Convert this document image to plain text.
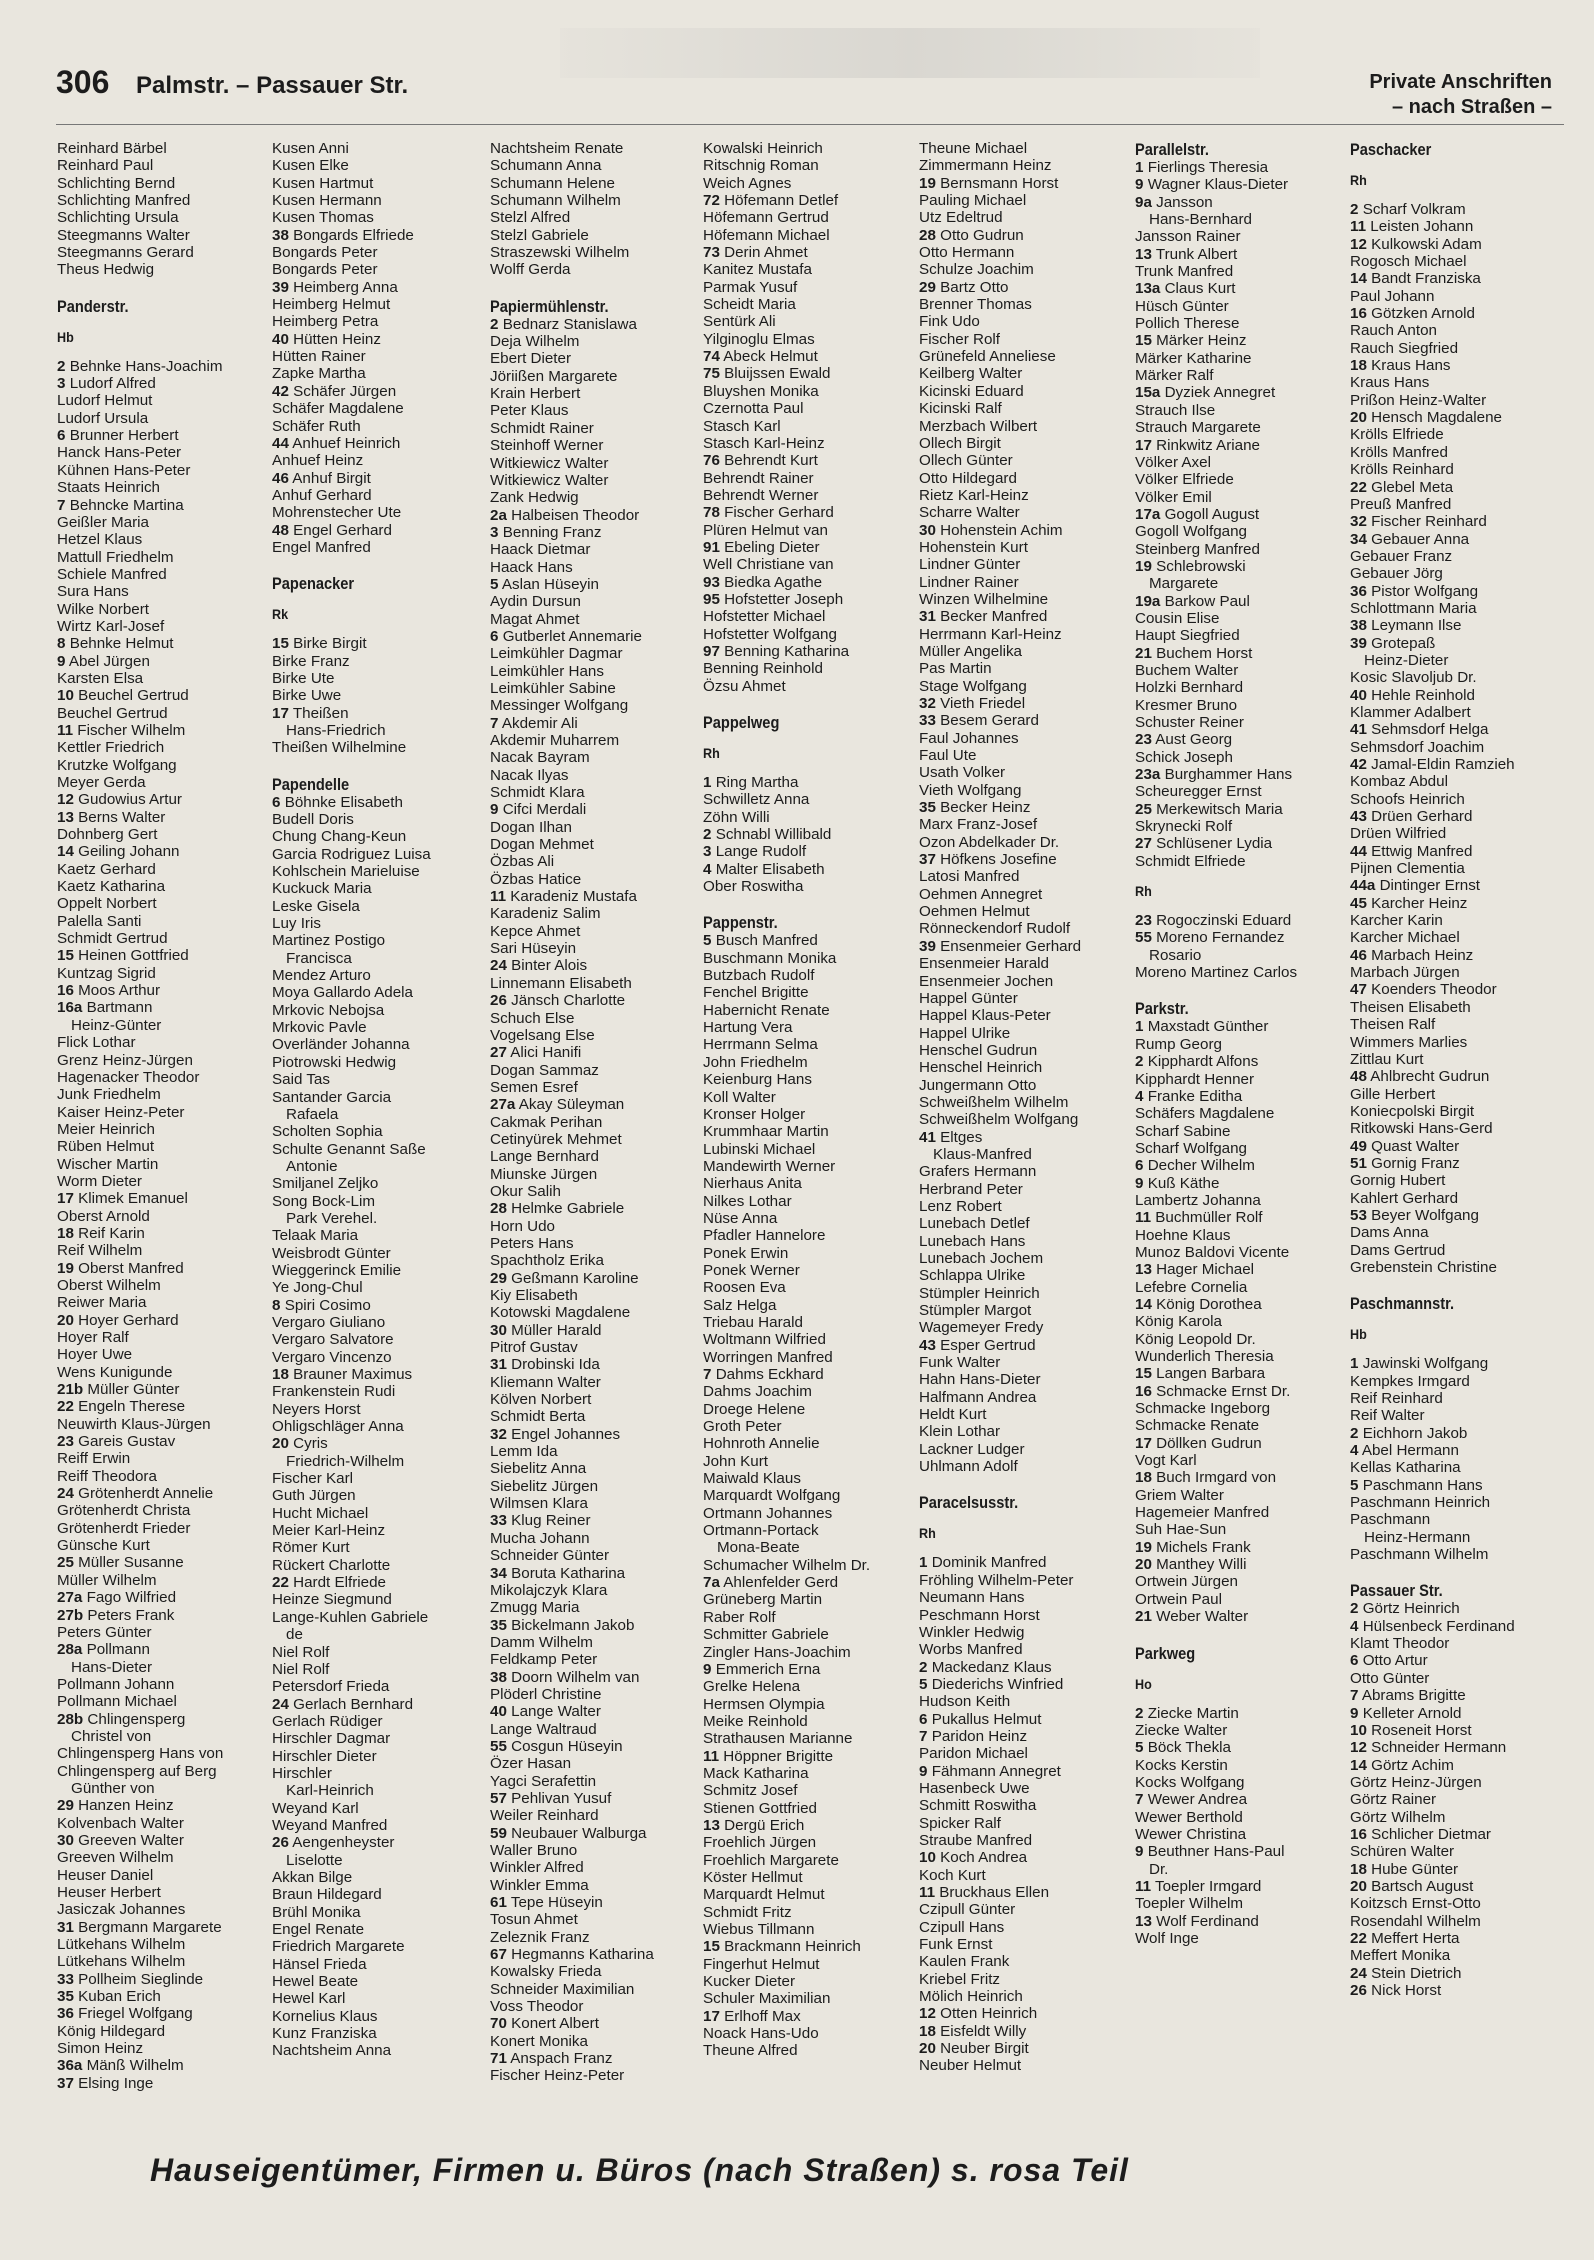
306 Palmstr. – Passauer Str.	Private Anschriften
– nach Straßen –
Reinhard Bärbel
Reinhard Paul
Schlichting Bernd
Schlichting Manfred
Schlichting Ursula
Steegmanns Walter
Steegmanns Gerard
Theus Hedwig
Panderstr.
Hb
2 Behnke Hans-Joachim
3 Ludorf Alfred
Ludorf Helmut
Ludorf Ursula
6 Brunner Herbert
Hanck Hans-Peter
Kühnen Hans-Peter
Staats Heinrich
7 Behncke Martina
Geißler Maria
Hetzel Klaus
Mattull Friedhelm
Schiele Manfred
Sura Hans
Wilke Norbert
Wirtz Karl-Josef
8 Behnke Helmut
9 Abel Jürgen
Karsten Elsa
10 Beuchel Gertrud
Beuchel Gertrud
11 Fischer Wilhelm
Kettler Friedrich
Krutzke Wolfgang
Meyer Gerda
12 Gudowius Artur
13 Berns Walter
Dohnberg Gert
14 Geiling Johann
Kaetz Gerhard
Kaetz Katharina
Oppelt Norbert
Palella Santi
Schmidt Gertrud
15 Heinen Gottfried
Kuntzag Sigrid
16 Moos Arthur
16a Bartmann
Heinz-Günter
Flick Lothar
Grenz Heinz-Jürgen
Hagenacker Theodor
Junk Friedhelm
Kaiser Heinz-Peter
Meier Heinrich
Rüben Helmut
Wischer Martin
Worm Dieter
17 Klimek Emanuel
Oberst Arnold
18 Reif Karin
Reif Wilhelm
19 Oberst Manfred
Oberst Wilhelm
Reiwer Maria
20 Hoyer Gerhard
Hoyer Ralf
Hoyer Uwe
Wens Kunigunde
21b Müller Günter
22 Engeln Therese
Neuwirth Klaus-Jürgen
23 Gareis Gustav
Reiff Erwin
Reiff Theodora
24 Grötenherdt Annelie
Grötenherdt Christa
Grötenherdt Frieder
Günsche Kurt
25 Müller Susanne
Müller Wilhelm
27a Fago Wilfried
27b Peters Frank
Peters Günter
28a Pollmann
Hans-Dieter
Pollmann Johann
Pollmann Michael
28b Chlingensperg
Christel von
Chlingensperg Hans von
Chlingensperg auf Berg
Günther von
29 Hanzen Heinz
Kolvenbach Walter
30 Greeven Walter
Greeven Wilhelm
Heuser Daniel
Heuser Herbert
Jasiczak Johannes
31 Bergmann Margarete
Lütkehans Wilhelm
Lütkehans Wilhelm
33 Pollheim Sieglinde
35 Kuban Erich
36 Friegel Wolfgang
König Hildegard
Simon Heinz
36a Mänß Wilhelm
37 Elsing Inge
Kusen Anni
Kusen Elke
Kusen Hartmut
Kusen Hermann
Kusen Thomas
38 Bongards Elfriede
Bongards Peter
Bongards Peter
39 Heimberg Anna
Heimberg Helmut
Heimberg Petra
40 Hütten Heinz
Hütten Rainer
Zapke Martha
42 Schäfer Jürgen
Schäfer Magdalene
Schäfer Ruth
44 Anhuef Heinrich
Anhuef Heinz
46 Anhuf Birgit
Anhuf Gerhard
Mohrenstecher Ute
48 Engel Gerhard
Engel Manfred
Papenacker
Rk
15 Birke Birgit
Birke Franz
Birke Ute
Birke Uwe
17 Theißen
Hans-Friedrich
Theißen Wilhelmine
Papendelle
6 Böhnke Elisabeth
Budell Doris
Chung Chang-Keun
Garcia Rodriguez Luisa
Kohlschein Marieluise
Kuckuck Maria
Leske Gisela
Luy Iris
Martinez Postigo
Francisca
Mendez Arturo
Moya Gallardo Adela
Mrkovic Nebojsa
Mrkovic Pavle
Overländer Johanna
Piotrowski Hedwig
Said Tas
Santander Garcia
Rafaela
Scholten Sophia
Schulte Genannt Saße
Antonie
Smiljanel Zeljko
Song Bock-Lim
Park Verehel.
Telaak Maria
Weisbrodt Günter
Wieggerinck Emilie
Ye Jong-Chul
8 Spiri Cosimo
Vergaro Giuliano
Vergaro Salvatore
Vergaro Vincenzo
18 Brauner Maximus
Frankenstein Rudi
Neyers Horst
Ohligschläger Anna
20 Cyris
Friedrich-Wilhelm
Fischer Karl
Guth Jürgen
Hucht Michael
Meier Karl-Heinz
Römer Kurt
Rückert Charlotte
22 Hardt Elfriede
Heinze Siegmund
Lange-Kuhlen Gabriele
de
Niel Rolf
Niel Rolf
Petersdorf Frieda
24 Gerlach Bernhard
Gerlach Rüdiger
Hirschler Dagmar
Hirschler Dieter
Hirschler
Karl-Heinrich
Weyand Karl
Weyand Manfred
26 Aengenheyster
Liselotte
Akkan Bilge
Braun Hildegard
Brühl Monika
Engel Renate
Friedrich Margarete
Hänsel Frieda
Hewel Beate
Hewel Karl
Kornelius Klaus
Kunz Franziska
Nachtsheim Anna
Nachtsheim Renate
Schumann Anna
Schumann Helene
Schumann Wilhelm
Stelzl Alfred
Stelzl Gabriele
Straszewski Wilhelm
Wolff Gerda
Papiermühlenstr.
2 Bednarz Stanislawa
Deja Wilhelm
Ebert Dieter
Jöriißen Margarete
Krain Herbert
Peter Klaus
Schmidt Rainer
Steinhoff Werner
Witkiewicz Walter
Witkiewicz Walter
Zank Hedwig
2a Halbeisen Theodor
3 Benning Franz
Haack Dietmar
Haack Hans
5 Aslan Hüseyin
Aydin Dursun
Magat Ahmet
6 Gutberlet Annemarie
Leimkühler Dagmar
Leimkühler Hans
Leimkühler Sabine
Messinger Wolfgang
7 Akdemir Ali
Akdemir Muharrem
Nacak Bayram
Nacak Ilyas
Schmidt Klara
9 Cifci Merdali
Dogan Ilhan
Dogan Mehmet
Özbas Ali
Özbas Hatice
11 Karadeniz Mustafa
Karadeniz Salim
Kepce Ahmet
Sari Hüseyin
24 Binter Alois
Linnemann Elisabeth
26 Jänsch Charlotte
Schuch Else
Vogelsang Else
27 Alici Hanifi
Dogan Sammaz
Semen Esref
27a Akay Süleyman
Cakmak Perihan
Cetinyürek Mehmet
Lange Bernhard
Miunske Jürgen
Okur Salih
28 Helmke Gabriele
Horn Udo
Peters Hans
Spachtholz Erika
29 Geßmann Karoline
Kiy Elisabeth
Kotowski Magdalene
30 Müller Harald
Pitrof Gustav
31 Drobinski Ida
Kliemann Walter
Kölven Norbert
Schmidt Berta
32 Engel Johannes
Lemm Ida
Siebelitz Anna
Siebelitz Jürgen
Wilmsen Klara
33 Klug Reiner
Mucha Johann
Schneider Günter
34 Boruta Katharina
Mikolajczyk Klara
Zmugg Maria
35 Bickelmann Jakob
Damm Wilhelm
Feldkamp Peter
38 Doorn Wilhelm van
Plöderl Christine
40 Lange Walter
Lange Waltraud
55 Cosgun Hüseyin
Özer Hasan
Yagci Serafettin
57 Pehlivan Yusuf
Weiler Reinhard
59 Neubauer Walburga
Waller Bruno
Winkler Alfred
Winkler Emma
61 Tepe Hüseyin
Tosun Ahmet
Zeleznik Franz
67 Hegmanns Katharina
Kowalsky Frieda
Schneider Maximilian
Voss Theodor
70 Konert Albert
Konert Monika
71 Anspach Franz
Fischer Heinz-Peter
Kowalski Heinrich
Ritschnig Roman
Weich Agnes
72 Höfemann Detlef
Höfemann Gertrud
Höfemann Michael
73 Derin Ahmet
Kanitez Mustafa
Parmak Yusuf
Scheidt Maria
Sentürk Ali
Yilginoglu Elmas
74 Abeck Helmut
75 Bluijssen Ewald
Bluyshen Monika
Czernotta Paul
Stasch Karl
Stasch Karl-Heinz
76 Behrendt Kurt
Behrendt Rainer
Behrendt Werner
78 Fischer Gerhard
Plüren Helmut van
91 Ebeling Dieter
Well Christiane van
93 Biedka Agathe
95 Hofstetter Joseph
Hofstetter Michael
Hofstetter Wolfgang
97 Benning Katharina
Benning Reinhold
Özsu Ahmet
Pappelweg
Rh
1 Ring Martha
Schwilletz Anna
Zöhn Willi
2 Schnabl Willibald
3 Lange Rudolf
4 Malter Elisabeth
Ober Roswitha
Pappenstr.
5 Busch Manfred
Buschmann Monika
Butzbach Rudolf
Fenchel Brigitte
Habernicht Renate
Hartung Vera
Herrmann Selma
John Friedhelm
Keienburg Hans
Koll Walter
Kronser Holger
Krummhaar Martin
Lubinski Michael
Mandewirth Werner
Nierhaus Anita
Nilkes Lothar
Nüse Anna
Pfadler Hannelore
Ponek Erwin
Ponek Werner
Roosen Eva
Salz Helga
Triebau Harald
Woltmann Wilfried
Worringen Manfred
7 Dahms Eckhard
Dahms Joachim
Droege Helene
Groth Peter
Hohnroth Annelie
John Kurt
Maiwald Klaus
Marquardt Wolfgang
Ortmann Johannes
Ortmann-Portack
Mona-Beate
Schumacher Wilhelm Dr.
7a Ahlenfelder Gerd
Grüneberg Martin
Raber Rolf
Schmitter Gabriele
Zingler Hans-Joachim
9 Emmerich Erna
Grelke Helena
Hermsen Olympia
Meike Reinhold
Strathausen Marianne
11 Höppner Brigitte
Mack Katharina
Schmitz Josef
Stienen Gottfried
13 Dergü Erich
Froehlich Jürgen
Froehlich Margarete
Köster Hellmut
Marquardt Helmut
Schmidt Fritz
Wiebus Tillmann
15 Brackmann Heinrich
Fingerhut Helmut
Kucker Dieter
Schuler Maximilian
17 Erlhoff Max
Noack Hans-Udo
Theune Alfred
Theune Michael
Zimmermann Heinz
19 Bernsmann Horst
Pauling Michael
Utz Edeltrud
28 Otto Gudrun
Otto Hermann
Schulze Joachim
29 Bartz Otto
Brenner Thomas
Fink Udo
Fischer Rolf
Grünefeld Anneliese
Keilberg Walter
Kicinski Eduard
Kicinski Ralf
Merzbach Wilbert
Ollech Birgit
Ollech Günter
Otto Hildegard
Rietz Karl-Heinz
Scharre Walter
30 Hohenstein Achim
Hohenstein Kurt
Lindner Günter
Lindner Rainer
Winzen Wilhelmine
31 Becker Manfred
Herrmann Karl-Heinz
Müller Angelika
Pas Martin
Stage Wolfgang
32 Vieth Friedel
33 Besem Gerard
Faul Johannes
Faul Ute
Usath Volker
Vieth Wolfgang
35 Becker Heinz
Marx Franz-Josef
Ozon Abdelkader Dr.
37 Höfkens Josefine
Latosi Manfred
Oehmen Annegret
Oehmen Helmut
Rönneckendorf Rudolf
39 Ensenmeier Gerhard
Ensenmeier Harald
Ensenmeier Jochen
Happel Günter
Happel Klaus-Peter
Happel Ulrike
Henschel Gudrun
Henschel Heinrich
Jungermann Otto
Schweißhelm Wilhelm
Schweißhelm Wolfgang
41 Eltges
Klaus-Manfred
Grafers Hermann
Herbrand Peter
Lenz Robert
Lunebach Detlef
Lunebach Hans
Lunebach Jochem
Schlappa Ulrike
Stümpler Heinrich
Stümpler Margot
Wagemeyer Fredy
43 Esper Gertrud
Funk Walter
Hahn Hans-Dieter
Halfmann Andrea
Heldt Kurt
Klein Lothar
Lackner Ludger
Uhlmann Adolf
Paracelsusstr.
Rh
1 Dominik Manfred
Fröhling Wilhelm-Peter
Neumann Hans
Peschmann Horst
Winkler Hedwig
Worbs Manfred
2 Mackedanz Klaus
5 Diederichs Winfried
Hudson Keith
6 Pukallus Helmut
7 Paridon Heinz
Paridon Michael
9 Fähmann Annegret
Hasenbeck Uwe
Schmitt Roswitha
Spicker Ralf
Straube Manfred
10 Koch Andrea
Koch Kurt
11 Bruckhaus Ellen
Czipull Günter
Czipull Hans
Funk Ernst
Kaulen Frank
Kriebel Fritz
Mölich Heinrich
12 Otten Heinrich
18 Eisfeldt Willy
20 Neuber Birgit
Neuber Helmut
Parallelstr.
1 Fierlings Theresia
9 Wagner Klaus-Dieter
9a Jansson
Hans-Bernhard
Jansson Rainer
13 Trunk Albert
Trunk Manfred
13a Claus Kurt
Hüsch Günter
Pollich Therese
15 Märker Heinz
Märker Katharine
Märker Ralf
15a Dyziek Annegret
Strauch Ilse
Strauch Margarete
17 Rinkwitz Ariane
Völker Axel
Völker Elfriede
Völker Emil
17a Gogoll August
Gogoll Wolfgang
Steinberg Manfred
19 Schlebrowski
Margarete
19a Barkow Paul
Cousin Elise
Haupt Siegfried
21 Buchem Horst
Buchem Walter
Holzki Bernhard
Kresmer Bruno
Schuster Reiner
23 Aust Georg
Schick Joseph
23a Burghammer Hans
Scheuregger Ernst
25 Merkewitsch Maria
Skrynecki Rolf
27 Schlüsener Lydia
Schmidt Elfriede
Rh
23 Rogoczinski Eduard
55 Moreno Fernandez
Rosario
Moreno Martinez Carlos
Parkstr.
1 Maxstadt Günther
Rump Georg
2 Kipphardt Alfons
Kipphardt Henner
4 Franke Editha
Schäfers Magdalene
Scharf Sabine
Scharf Wolfgang
6 Decher Wilhelm
9 Kuß Käthe
Lambertz Johanna
11 Buchmüller Rolf
Hoehne Klaus
Munoz Baldovi Vicente
13 Hager Michael
Lefebre Cornelia
14 König Dorothea
König Karola
König Leopold Dr.
Wunderlich Theresia
15 Langen Barbara
16 Schmacke Ernst Dr.
Schmacke Ingeborg
Schmacke Renate
17 Döllken Gudrun
Vogt Karl
18 Buch Irmgard von
Griem Walter
Hagemeier Manfred
Suh Hae-Sun
19 Michels Frank
20 Manthey Willi
Ortwein Jürgen
Ortwein Paul
21 Weber Walter
Parkweg
Ho
2 Ziecke Martin
Ziecke Walter
5 Böck Thekla
Kocks Kerstin
Kocks Wolfgang
7 Wewer Andrea
Wewer Berthold
Wewer Christina
9 Beuthner Hans-Paul
Dr.
11 Toepler Irmgard
Toepler Wilhelm
13 Wolf Ferdinand
Wolf Inge
Paschacker
Rh
2 Scharf Volkram
11 Leisten Johann
12 Kulkowski Adam
Rogosch Michael
14 Bandt Franziska
Paul Johann
16 Götzken Arnold
Rauch Anton
Rauch Siegfried
18 Kraus Hans
Kraus Hans
Prißon Heinz-Walter
20 Hensch Magdalene
Krölls Elfriede
Krölls Manfred
Krölls Reinhard
22 Glebel Meta
Preuß Manfred
32 Fischer Reinhard
34 Gebauer Anna
Gebauer Franz
Gebauer Jörg
36 Pistor Wolfgang
Schlottmann Maria
38 Leymann Ilse
39 Grotepaß
Heinz-Dieter
Kosic Slavoljub Dr.
40 Hehle Reinhold
Klammer Adalbert
41 Sehmsdorf Helga
Sehmsdorf Joachim
42 Jamal-Eldin Ramzieh
Kombaz Abdul
Schoofs Heinrich
43 Drüen Gerhard
Drüen Wilfried
44 Ettwig Manfred
Pijnen Clementia
44a Dintinger Ernst
45 Karcher Heinz
Karcher Karin
Karcher Michael
46 Marbach Heinz
Marbach Jürgen
47 Koenders Theodor
Theisen Elisabeth
Theisen Ralf
Wimmers Marlies
Zittlau Kurt
48 Ahlbrecht Gudrun
Gille Herbert
Koniecpolski Birgit
Ritkowski Hans-Gerd
49 Quast Walter
51 Gornig Franz
Gornig Hubert
Kahlert Gerhard
53 Beyer Wolfgang
Dams Anna
Dams Gertrud
Grebenstein Christine
Paschmannstr.
Hb
1 Jawinski Wolfgang
Kempkes Irmgard
Reif Reinhard
Reif Walter
2 Eichhorn Jakob
4 Abel Hermann
Kellas Katharina
5 Paschmann Hans
Paschmann Heinrich
Paschmann
Heinz-Hermann
Paschmann Wilhelm
Passauer Str.
2 Görtz Heinrich
4 Hülsenbeck Ferdinand
Klamt Theodor
6 Otto Artur
Otto Günter
7 Abrams Brigitte
9 Kelleter Arnold
10 Roseneit Horst
12 Schneider Hermann
14 Görtz Achim
Görtz Heinz-Jürgen
Görtz Rainer
Görtz Wilhelm
16 Schlicher Dietmar
Schüren Walter
18 Hube Günter
20 Bartsch August
Koitzsch Ernst-Otto
Rosendahl Wilhelm
22 Meffert Herta
Meffert Monika
24 Stein Dietrich
26 Nick Horst
Hauseigentümer, Firmen u. Büros (nach Straßen) s. rosa Teil
